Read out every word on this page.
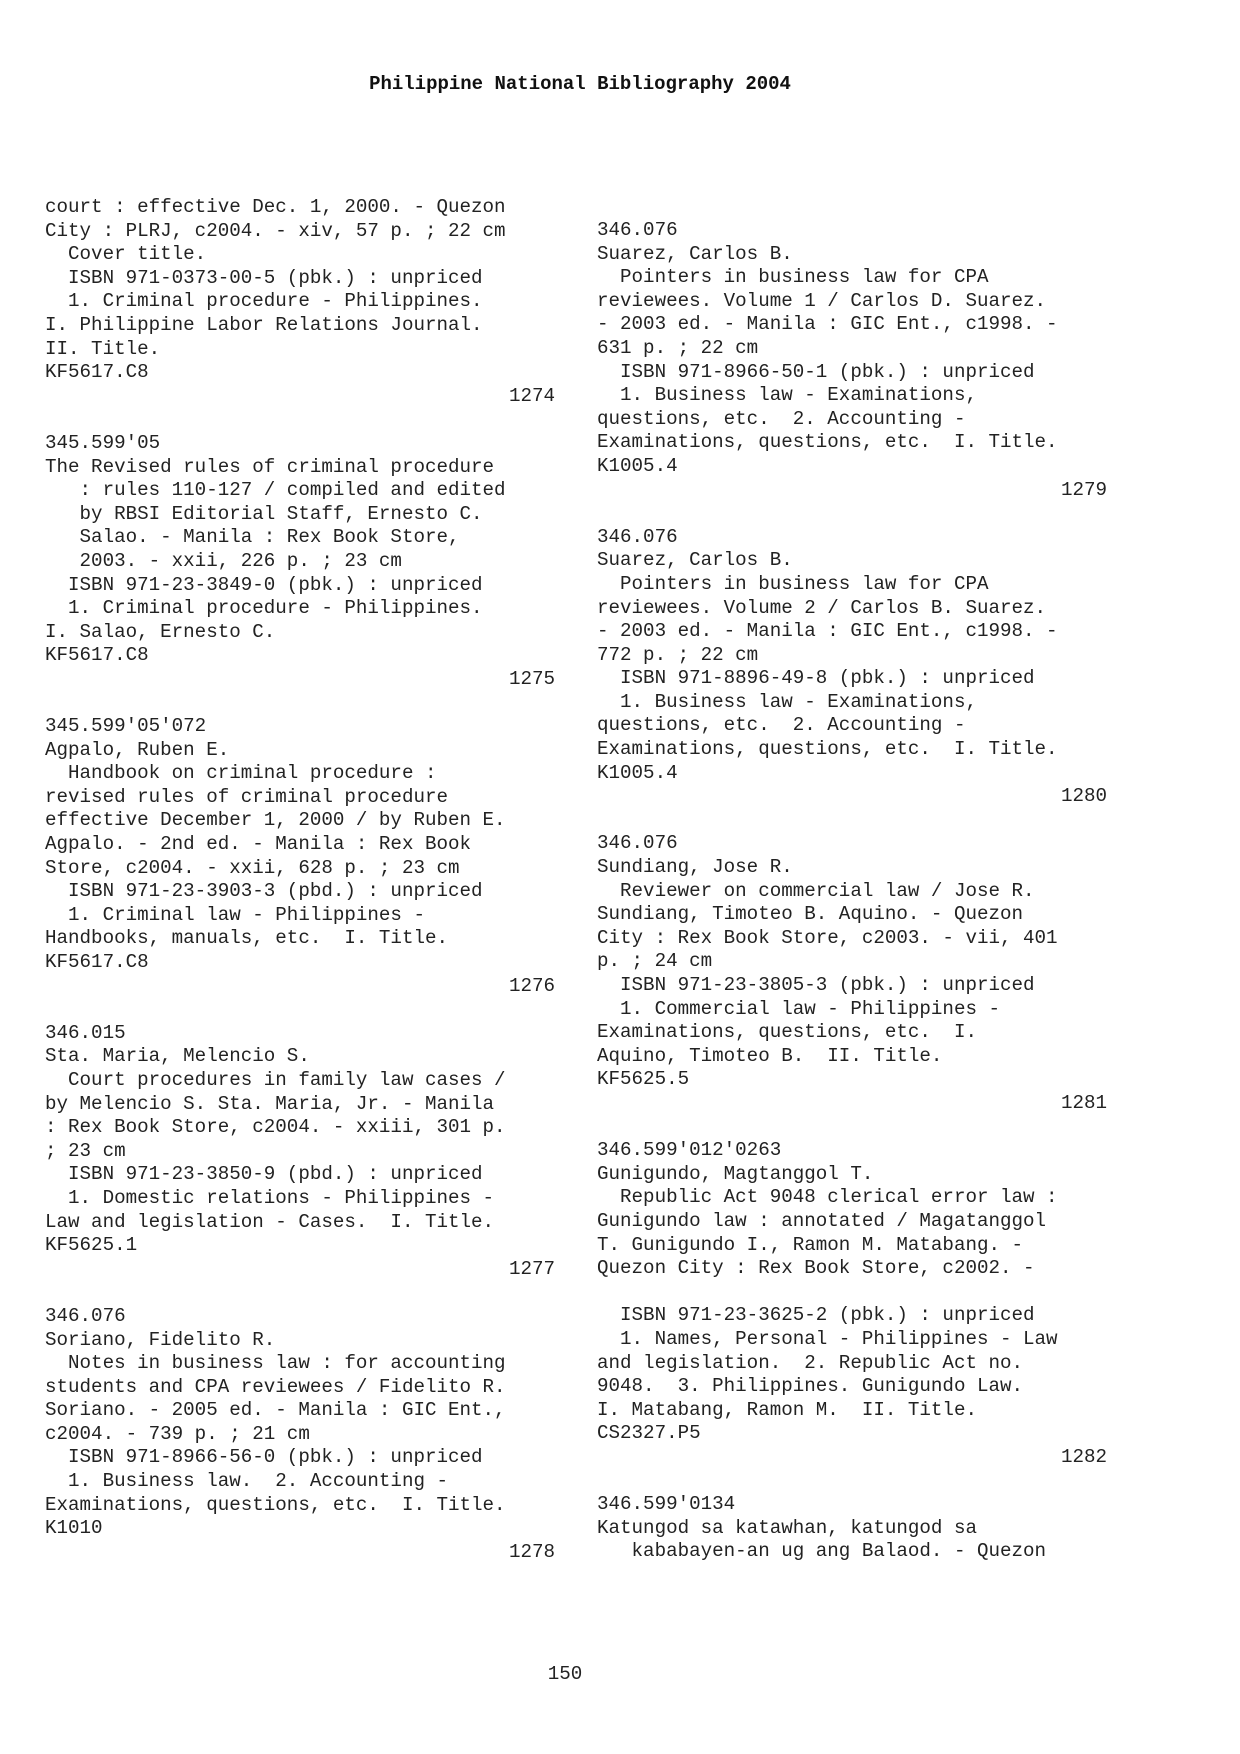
Philippine National Bibliography 2004
court : effective Dec. 1, 2000. - Quezon
City : PLRJ, c2004. - xiv, 57 p. ; 22 cm
Cover title.
ISBN 971-0373-00-5 (pbk.) : unpriced
1. Criminal procedure - Philippines.
I. Philippine Labor Relations Journal.
II. Title.
KF5617.C8
1274
345.599'05
The Revised rules of criminal procedure
: rules 110-127 / compiled and edited
by RBSI Editorial Staff, Ernesto C.
Salao. - Manila : Rex Book Store,
2003. - xxii, 226 p. ; 23 cm
ISBN 971-23-3849-0 (pbk.) : unpriced
1. Criminal procedure - Philippines.
I. Salao, Ernesto C.
KF5617.C8
1275
345.599'05'072
Agpalo, Ruben E.
Handbook on criminal procedure :
revised rules of criminal procedure
effective December 1, 2000 / by Ruben E.
Agpalo. - 2nd ed. - Manila : Rex Book
Store, c2004. - xxii, 628 p. ; 23 cm
ISBN 971-23-3903-3 (pbd.) : unpriced
1. Criminal law - Philippines -
Handbooks, manuals, etc.  I. Title.
KF5617.C8
1276
346.015
Sta. Maria, Melencio S.
Court procedures in family law cases /
by Melencio S. Sta. Maria, Jr. - Manila
: Rex Book Store, c2004. - xxiii, 301 p.
; 23 cm
ISBN 971-23-3850-9 (pbd.) : unpriced
1. Domestic relations - Philippines -
Law and legislation - Cases.  I. Title.
KF5625.1
1277
346.076
Soriano, Fidelito R.
Notes in business law : for accounting
students and CPA reviewees / Fidelito R.
Soriano. - 2005 ed. - Manila : GIC Ent.,
c2004. - 739 p. ; 21 cm
ISBN 971-8966-56-0 (pbk.) : unpriced
1. Business law.  2. Accounting -
Examinations, questions, etc.  I. Title.
K1010
1278
346.076
Suarez, Carlos B.
Pointers in business law for CPA
reviewees. Volume 1 / Carlos D. Suarez.
- 2003 ed. - Manila : GIC Ent., c1998. -
631 p. ; 22 cm
ISBN 971-8966-50-1 (pbk.) : unpriced
1. Business law - Examinations,
questions, etc.  2. Accounting -
Examinations, questions, etc.  I. Title.
K1005.4
1279
346.076
Suarez, Carlos B.
Pointers in business law for CPA
reviewees. Volume 2 / Carlos B. Suarez.
- 2003 ed. - Manila : GIC Ent., c1998. -
772 p. ; 22 cm
ISBN 971-8896-49-8 (pbk.) : unpriced
1. Business law - Examinations,
questions, etc.  2. Accounting -
Examinations, questions, etc.  I. Title.
K1005.4
1280
346.076
Sundiang, Jose R.
Reviewer on commercial law / Jose R.
Sundiang, Timoteo B. Aquino. - Quezon
City : Rex Book Store, c2003. - vii, 401
p. ; 24 cm
ISBN 971-23-3805-3 (pbk.) : unpriced
1. Commercial law - Philippines -
Examinations, questions, etc.  I.
Aquino, Timoteo B.  II. Title.
KF5625.5
1281
346.599'012'0263
Gunigundo, Magtanggol T.
Republic Act 9048 clerical error law :
Gunigundo law : annotated / Magatanggol
T. Gunigundo I., Ramon M. Matabang. -
Quezon City : Rex Book Store, c2002. -
ISBN 971-23-3625-2 (pbk.) : unpriced
1. Names, Personal - Philippines - Law
and legislation.  2. Republic Act no.
9048.  3. Philippines. Gunigundo Law.
I. Matabang, Ramon M.  II. Title.
CS2327.P5
1282
346.599'0134
Katungod sa katawhan, katungod sa
kababayen-an ug ang Balaod. - Quezon
150
